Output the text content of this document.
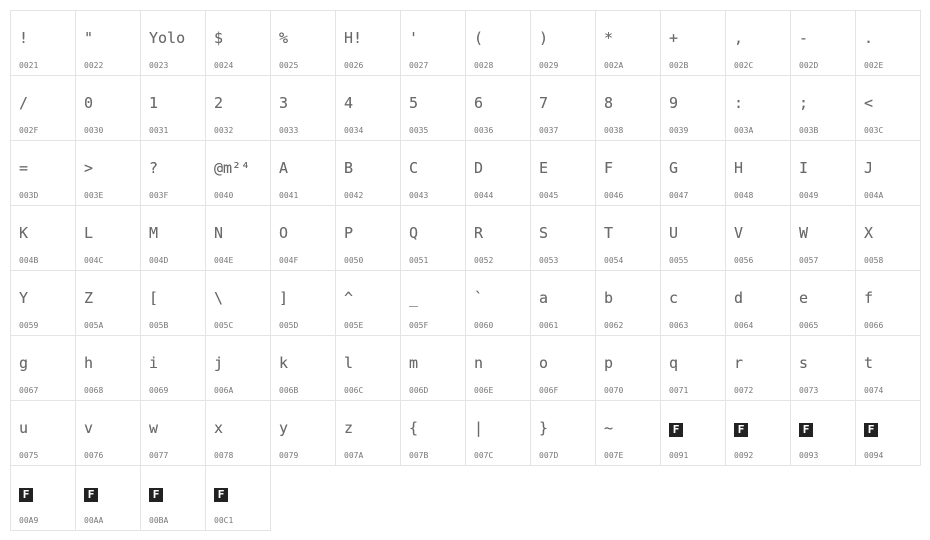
!
0021
"
0022
Yolo
0023
$
0024
%
0025
H!
0026
'
0027
(
0028
)
0029
*
002A
+
002B
,
002C
-
002D
.
002E
/
002F
0
0030
1
0031
2
0032
3
0033
4
0034
5
0035
6
0036
7
0037
8
0038
9
0039
:
003A
;
003B
<
003C
=
003D
>
003E
?
003F
@m²⁴
0040
A
0041
B
0042
C
0043
D
0044
E
0045
F
0046
G
0047
H
0048
I
0049
J
004A
K
004B
L
004C
M
004D
N
004E
O
004F
P
0050
Q
0051
R
0052
S
0053
T
0054
U
0055
V
0056
W
0057
X
0058
Y
0059
Z
005A
[
005B
\
005C
]
005D
^
005E
_
005F
`
0060
a
0061
b
0062
c
0063
d
0064
e
0065
f
0066
g
0067
h
0068
i
0069
j
006A
k
006B
l
006C
m
006D
n
006E
o
006F
p
0070
q
0071
r
0072
s
0073
t
0074
u
0075
v
0076
w
0077
x
0078
y
0079
z
007A
{
007B
|
007C
}
007D
~
007E
F
0091
F
0092
F
0093
F
0094
F
00A9
F
00AA
F
00BA
F
00C1
